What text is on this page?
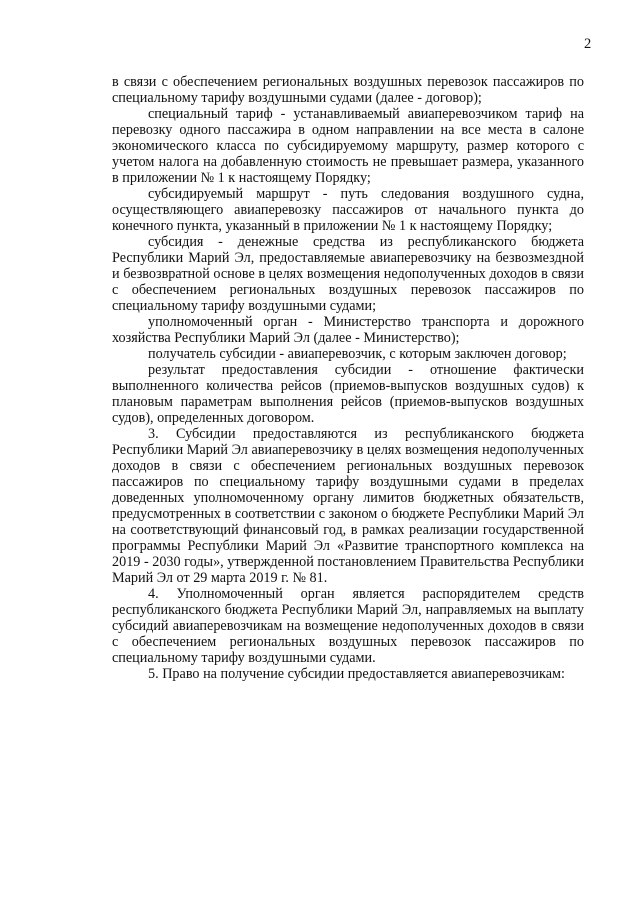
2

в связи с обеспечением региональных воздушных перевозок пассажиров по специальному тарифу воздушными судами (далее - договор);

специальный тариф - устанавливаемый авиаперевозчиком тариф на перевозку одного пассажира в одном направлении на все места в салоне экономического класса по субсидируемому маршруту, размер которого с учетом налога на добавленную стоимость не превышает размера, указанного в приложении № 1 к настоящему Порядку;

субсидируемый маршрут - путь следования воздушного судна, осуществляющего авиаперевозку пассажиров от начального пункта до конечного пункта, указанный в приложении № 1 к настоящему Порядку;

субсидия - денежные средства из республиканского бюджета Республики Марий Эл, предоставляемые авиаперевозчику на безвозмездной и безвозвратной основе в целях возмещения недополученных доходов в связи с обеспечением региональных воздушных перевозок пассажиров по специальному тарифу воздушными судами;

уполномоченный орган - Министерство транспорта и дорожного хозяйства Республики Марий Эл (далее - Министерство);

получатель субсидии - авиаперевозчик, с которым заключен договор;

результат предоставления субсидии - отношение фактически выполненного количества рейсов (приемов-выпусков воздушных судов) к плановым параметрам выполнения рейсов (приемов-выпусков воздушных судов), определенных договором.

3. Субсидии предоставляются из республиканского бюджета Республики Марий Эл авиаперевозчику в целях возмещения недополученных доходов в связи с обеспечением региональных воздушных перевозок пассажиров по специальному тарифу воздушными судами в пределах доведенных уполномоченному органу лимитов бюджетных обязательств, предусмотренных в соответствии с законом о бюджете Республики Марий Эл на соответствующий финансовый год, в рамках реализации государственной программы Республики Марий Эл «Развитие транспортного комплекса на 2019 - 2030 годы», утвержденной постановлением Правительства Республики Марий Эл от 29 марта 2019 г. № 81.

4. Уполномоченный орган является распорядителем средств республиканского бюджета Республики Марий Эл, направляемых на выплату субсидий авиаперевозчикам на возмещение недополученных доходов в связи с обеспечением региональных воздушных перевозок пассажиров по специальному тарифу воздушными судами.

5. Право на получение субсидии предоставляется авиаперевозчикам:
